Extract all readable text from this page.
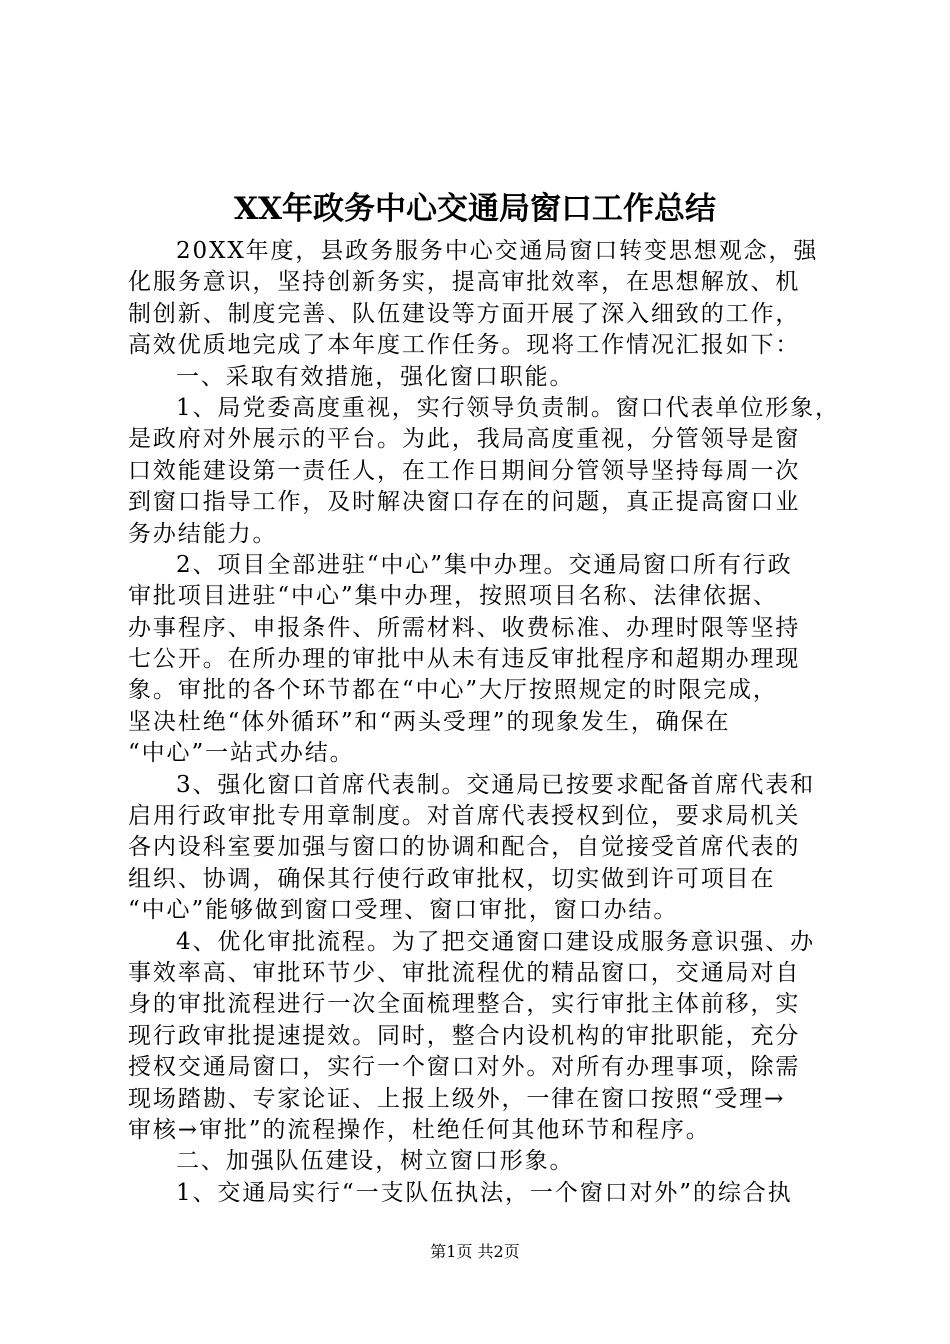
XX年政务中心交通局窗口工作总结
20XX年度，县政务服务中心交通局窗口转变思想观念，强
化服务意识，坚持创新务实，提高审批效率，在思想解放、机
制创新、制度完善、队伍建设等方面开展了深入细致的工作，
高效优质地完成了本年度工作任务。现将工作情况汇报如下：
一、采取有效措施，强化窗口职能。
1、局党委高度重视，实行领导负责制。窗口代表单位形象，
是政府对外展示的平台。为此，我局高度重视，分管领导是窗
口效能建设第一责任人，在工作日期间分管领导坚持每周一次
到窗口指导工作，及时解决窗口存在的问题，真正提高窗口业
务办结能力。
2、项目全部进驻“中心”集中办理。交通局窗口所有行政
审批项目进驻“中心”集中办理，按照项目名称、法律依据、
办事程序、申报条件、所需材料、收费标准、办理时限等坚持
七公开。在所办理的审批中从未有违反审批程序和超期办理现
象。审批的各个环节都在“中心”大厅按照规定的时限完成，
坚决杜绝“体外循环”和“两头受理”的现象发生，确保在
“中心”一站式办结。
3、强化窗口首席代表制。交通局已按要求配备首席代表和
启用行政审批专用章制度。对首席代表授权到位，要求局机关
各内设科室要加强与窗口的协调和配合，自觉接受首席代表的
组织、协调，确保其行使行政审批权，切实做到许可项目在
“中心”能够做到窗口受理、窗口审批，窗口办结。
4、优化审批流程。为了把交通窗口建设成服务意识强、办
事效率高、审批环节少、审批流程优的精品窗口，交通局对自
身的审批流程进行一次全面梳理整合，实行审批主体前移，实
现行政审批提速提效。同时，整合内设机构的审批职能，充分
授权交通局窗口，实行一个窗口对外。对所有办理事项，除需
现场踏勘、专家论证、上报上级外，一律在窗口按照“受理→
审核→审批”的流程操作，杜绝任何其他环节和程序。
二、加强队伍建设，树立窗口形象。
1、交通局实行“一支队伍执法，一个窗口对外”的综合执
第1页 共2页
